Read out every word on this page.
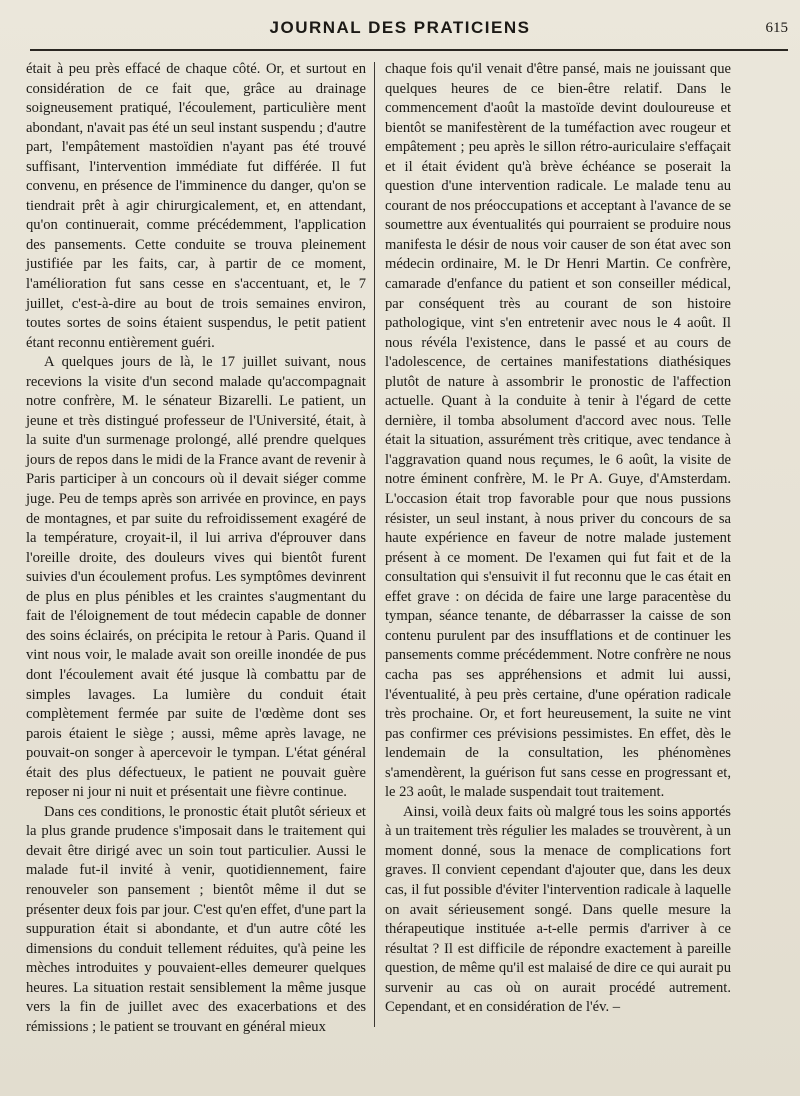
JOURNAL DES PRATICIENS	615

était à peu près effacé de chaque côté. Or, et surtout en considération de ce fait que, grâce au drainage soigneusement pratiqué, l'écoulement, particulière ment abondant, n'avait pas été un seul instant suspendu ; d'autre part, l'empâtement mastoïdien n'ayant pas été trouvé suffisant, l'intervention immédiate fut différée. Il fut convenu, en présence de l'imminence du danger, qu'on se tiendrait prêt à agir chirurgicalement, et, en attendant, qu'on continuerait, comme précédemment, l'application des pansements. Cette conduite se trouva pleinement justifiée par les faits, car, à partir de ce moment, l'amélioration fut sans cesse en s'accentuant, et, le 7 juillet, c'est-à-dire au bout de trois semaines environ, toutes sortes de soins étaient suspendus, le petit patient étant reconnu entièrement guéri.

A quelques jours de là, le 17 juillet suivant, nous recevions la visite d'un second malade qu'accompagnait notre confrère, M. le sénateur Bizarelli. Le patient, un jeune et très distingué professeur de l'Université, était, à la suite d'un surmenage prolongé, allé prendre quelques jours de repos dans le midi de la France avant de revenir à Paris participer à un concours où il devait siéger comme juge. Peu de temps après son arrivée en province, en pays de montagnes, et par suite du refroidissement exagéré de la température, croyait-il, il lui arriva d'éprouver dans l'oreille droite, des douleurs vives qui bientôt furent suivies d'un écoulement profus. Les symptômes devinrent de plus en plus pénibles et les craintes s'augmentant du fait de l'éloignement de tout médecin capable de donner des soins éclairés, on précipita le retour à Paris. Quand il vint nous voir, le malade avait son oreille inondée de pus dont l'écoulement avait été jusque là combattu par de simples lavages. La lumière du conduit était complètement fermée par suite de l'œdème dont ses parois étaient le siège ; aussi, même après lavage, ne pouvait-on songer à apercevoir le tympan. L'état général était des plus défectueux, le patient ne pouvait guère reposer ni jour ni nuit et présentait une fièvre continue.

Dans ces conditions, le pronostic était plutôt sérieux et la plus grande prudence s'imposait dans le traitement qui devait être dirigé avec un soin tout particulier. Aussi le malade fut-il invité à venir, quotidiennement, faire renouveler son pansement ; bientôt même il dut se présenter deux fois par jour. C'est qu'en effet, d'une part la suppuration était si abondante, et d'un autre côté les dimensions du conduit tellement réduites, qu'à peine les mèches introduites y pouvaient-elles demeurer quelques heures. La situation restait sensiblement la même jusque vers la fin de juillet avec des exacerbations et des rémissions ; le patient se trouvant en général mieux

chaque fois qu'il venait d'être pansé, mais ne jouissant que quelques heures de ce bien-être relatif. Dans le commencement d'août la mastoïde devint douloureuse et bientôt se manifestèrent de la tuméfaction avec rougeur et empâtement ; peu après le sillon rétro-auriculaire s'effaçait et il était évident qu'à brève échéance se poserait la question d'une intervention radicale. Le malade tenu au courant de nos préoccupations et acceptant à l'avance de se soumettre aux éventualités qui pourraient se produire nous manifesta le désir de nous voir causer de son état avec son médecin ordinaire, M. le Dr Henri Martin. Ce confrère, camarade d'enfance du patient et son conseiller médical, par conséquent très au courant de son histoire pathologique, vint s'en entretenir avec nous le 4 août. Il nous révéla l'existence, dans le passé et au cours de l'adolescence, de certaines manifestations diathésiques plutôt de nature à assombrir le pronostic de l'affection actuelle. Quant à la conduite à tenir à l'égard de cette dernière, il tomba absolument d'accord avec nous. Telle était la situation, assurément très critique, avec tendance à l'aggravation quand nous reçumes, le 6 août, la visite de notre éminent confrère, M. le Pr A. Guye, d'Amsterdam. L'occasion était trop favorable pour que nous pussions résister, un seul instant, à nous priver du concours de sa haute expérience en faveur de notre malade justement présent à ce moment. De l'examen qui fut fait et de la consultation qui s'ensuivit il fut reconnu que le cas était en effet grave : on décida de faire une large paracentèse du tympan, séance tenante, de débarrasser la caisse de son contenu purulent par des insufflations et de continuer les pansements comme précédemment. Notre confrère ne nous cacha pas ses appréhensions et admit lui aussi, l'éventualité, à peu près certaine, d'une opération radicale très prochaine. Or, et fort heureusement, la suite ne vint pas confirmer ces prévisions pessimistes. En effet, dès le lendemain de la consultation, les phénomènes s'amendèrent, la guérison fut sans cesse en progressant et, le 23 août, le malade suspendait tout traitement.

Ainsi, voilà deux faits où malgré tous les soins apportés à un traitement très régulier les malades se trouvèrent, à un moment donné, sous la menace de complications fort graves. Il convient cependant d'ajouter que, dans les deux cas, il fut possible d'éviter l'intervention radicale à laquelle on avait sérieusement songé. Dans quelle mesure la thérapeutique instituée a-t-elle permis d'arriver à ce résultat ? Il est difficile de répondre exactement à pareille question, de même qu'il est malaisé de dire ce qui aurait pu survenir au cas où on aurait procédé autrement. Cependant, et en considération de l'év. –
